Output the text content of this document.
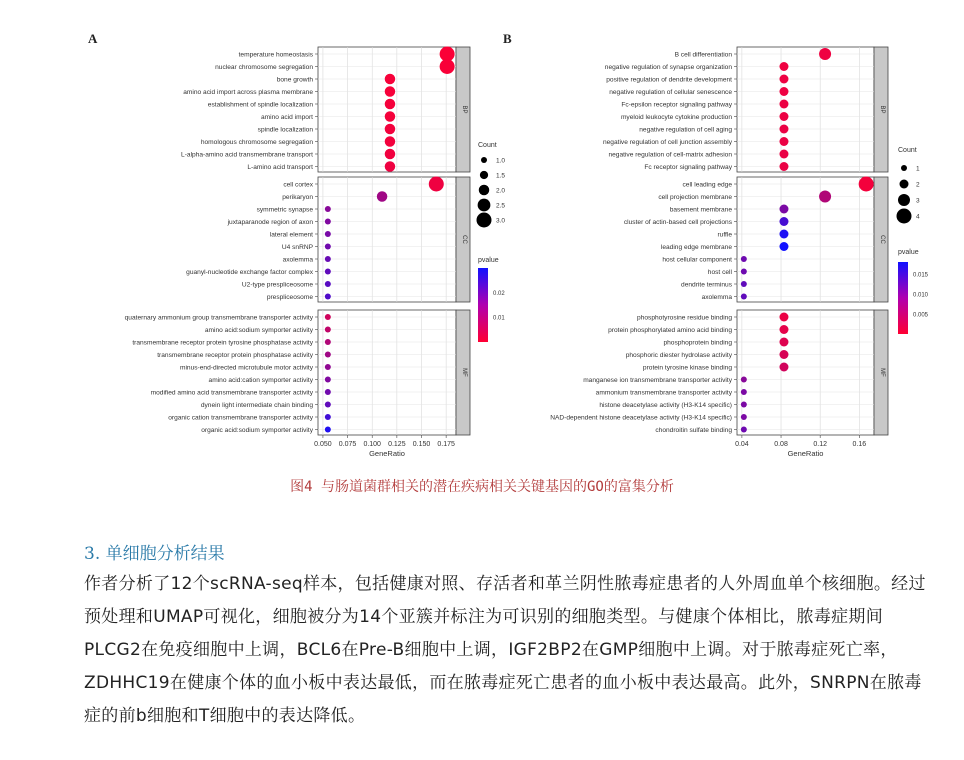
A
BP
temperature homeostasis
nuclear chromosome segregation
bone growth
amino acid import across plasma membrane
establishment of spindle localization
amino acid import
spindle localization
homologous chromosome segregation
L-alpha-amino acid transmembrane transport
L-amino acid transport
CC
cell cortex
perikaryon
symmetric synapse
juxtaparanode region of axon
lateral element
U4 snRNP
axolemma
guanyl-nucleotide exchange factor complex
U2-type prespliceosome
prespliceosome
MF
quaternary ammonium group transmembrane transporter activity
amino acid:sodium symporter activity
transmembrane receptor protein tyrosine phosphatase activity
transmembrane receptor protein phosphatase activity
minus-end-directed microtubule motor activity
amino acid:cation symporter activity
modified amino acid transmembrane transporter activity
dynein light intermediate chain binding
organic cation transmembrane transporter activity
organic acid:sodium symporter activity
0.050 0.075 0.100 0.125 0.150 0.175
GeneRatio
Count
1.0
1.5
2.0
2.5
3.0
pvalue
0.02
0.01
B
BP
B cell differentiation
negative regulation of synapse organization
positive regulation of dendrite development
negative regulation of cellular senescence
Fc-epsilon receptor signaling pathway
myeloid leukocyte cytokine production
negative regulation of cell aging
negative regulation of cell junction assembly
negative regulation of cell-matrix adhesion
Fc receptor signaling pathway
CC
cell leading edge
cell projection membrane
basement membrane
cluster of actin-based cell projections
ruffle
leading edge membrane
host cellular component
host cell
dendrite terminus
axolemma
MF
phosphotyrosine residue binding
protein phosphorylated amino acid binding
phosphoprotein binding
phosphoric diester hydrolase activity
protein tyrosine kinase binding
manganese ion transmembrane transporter activity
ammonium transmembrane transporter activity
histone deacetylase activity (H3-K14 specific)
NAD-dependent histone deacetylase activity (H3-K14 specific)
chondroitin sulfate binding
0.04	0.08	0.12	0.16
GeneRatio
Count
1
2
3
4
pvalue
0.015
0.010
0.005
图4 与肠道菌群相关的潜在疾病相关关键基因的GO的富集分析
3. 单细胞分析结果

作者分析了12个scRNA-seq样本，包括健康对照、存活者和革兰阴性脓毒症患者的人外周血单个核细胞。经过预处理和UMAP可视化，细胞被分为14个亚簇并标注为可识别的细胞类型。与健康个体相比，脓毒症期间PLCG2在免疫细胞中上调，BCL6在Pre-B细胞中上调，IGF2BP2在GMP细胞中上调。对于脓毒症死亡率，ZDHHC19在健康个体的血小板中表达最低，而在脓毒症死亡患者的血小板中表达最高。此外，SNRPN在脓毒症的前b细胞和T细胞中的表达降低。
